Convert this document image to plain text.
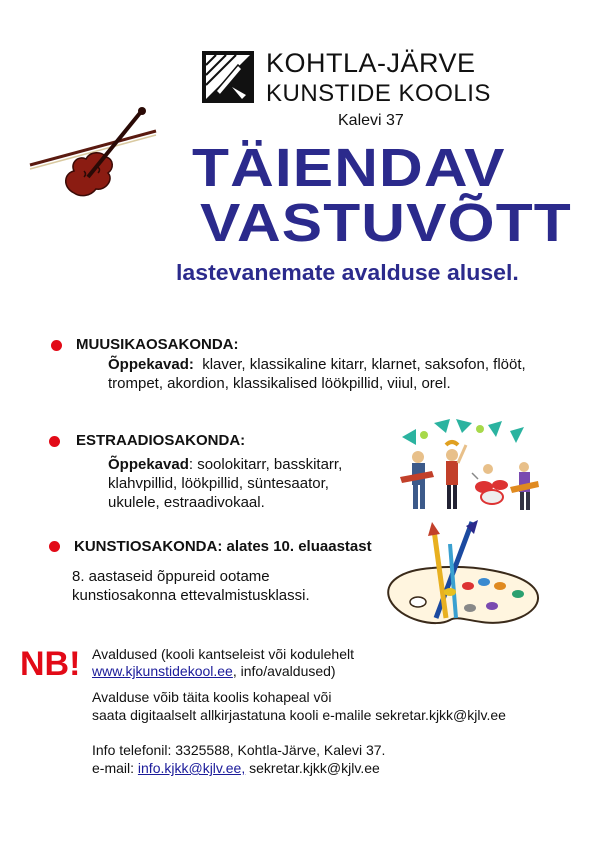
KOHTLA-JÄRVE
KUNSTIDE KOOLIS
Kalevi 37
TÄIENDAV
VASTUVÕTT
lastevanemate avalduse alusel.
MUUSIKAOSAKONDA:
Õppekavad: klaver, klassikaline kitarr, klarnet, saksofon, flööt,
trompet, akordion, klassikalised löökpillid, viiul, orel.
ESTRAADIOSAKONDA:
Õppekavad: soolokitarr, basskitarr,
klahvpillid, löökpillid, süntesaator,
ukulele, estraadivokaal.
KUNSTIOSAKONDA: alates 10. eluaastast
8. aastaseid õppureid ootame
kunstiosakonna ettevalmistusklassi.
NB! Avaldused (kooli kantseleist või kodulehelt
www.kjkunstidekool.ee, info/avaldused)
Avalduse võib täita koolis kohapeal või
saata digitaalselt allkirjastatuna kooli e-malile sekretar.kjkk@kjlv.ee
Info telefonil: 3325588, Kohtla-Järve, Kalevi 37.
e-mail: info.kjkk@kjlv.ee, sekretar.kjkk@kjlv.ee
